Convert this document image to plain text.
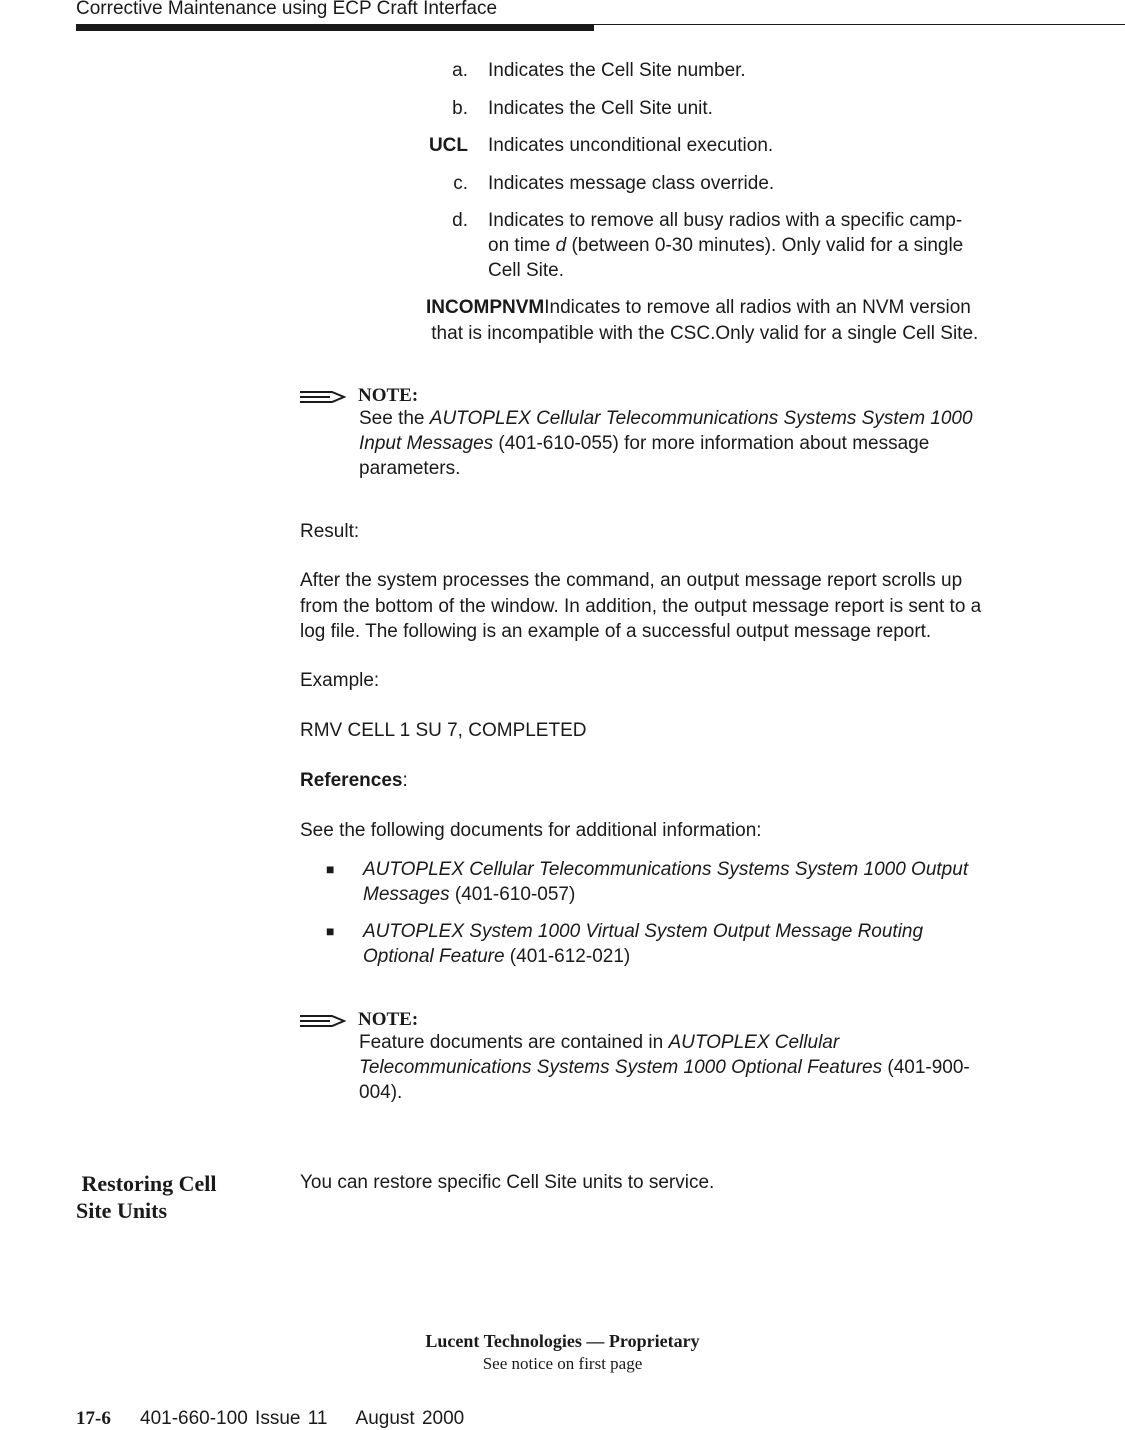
Corrective Maintenance using ECP Craft Interface
a. Indicates the Cell Site number.
b. Indicates the Cell Site unit.
UCL Indicates unconditional execution.
c. Indicates message class override.
d. Indicates to remove all busy radios with a specific camp-
on time d (between 0-30 minutes). Only valid for a single
Cell Site.
INCOMPNVMIndicates to remove all radios with an NVM version
that is incompatible with the CSC.Only valid for a single Cell Site.
NOTE:
See the AUTOPLEX Cellular Telecommunications Systems System 1000
Input Messages (401-610-055) for more information about message
parameters.
Result:
After the system processes the command, an output message report scrolls up
from the bottom of the window. In addition, the output message report is sent to a
log file. The following is an example of a successful output message report.
Example:
RMV CELL 1 SU 7, COMPLETED
References:
See the following documents for additional information:
■ AUTOPLEX Cellular Telecommunications Systems System 1000 Output
Messages (401-610-057)
■ AUTOPLEX System 1000 Virtual System Output Message Routing
Optional Feature (401-612-021)
NOTE:
Feature documents are contained in AUTOPLEX Cellular
Telecommunications Systems System 1000 Optional Features (401-900-
004).
Restoring Cell
Site Units
You can restore specific Cell Site units to service.
Lucent Technologies — Proprietary
See notice on first page
17-6 401-660-100 Issue 11    August 2000
